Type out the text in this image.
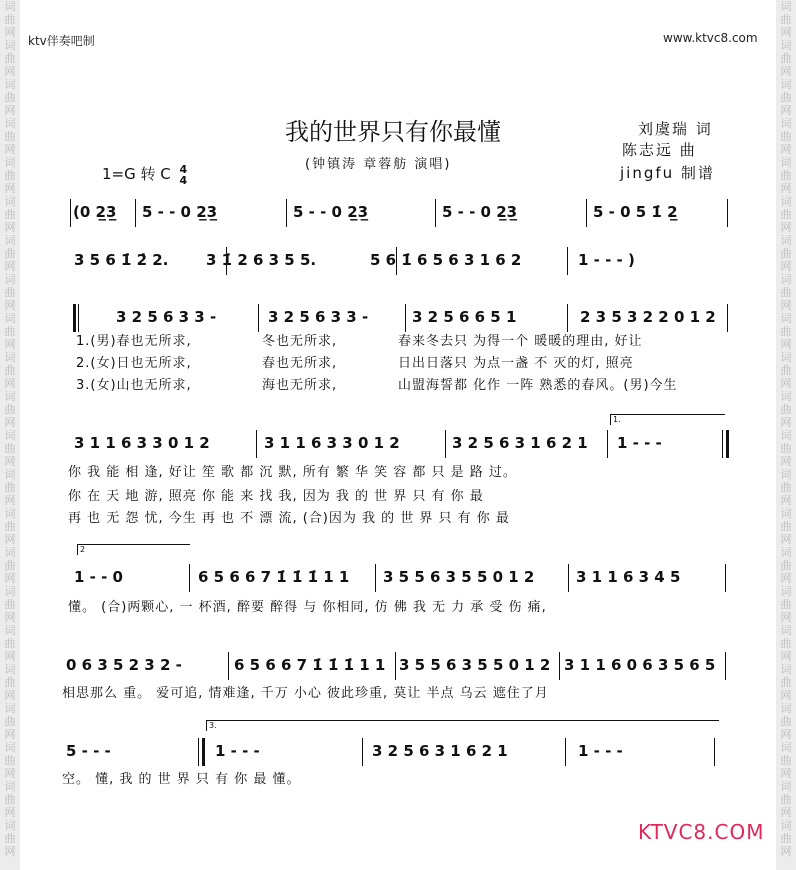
词
曲
网
词
曲
网
词
曲
网
词
曲
网
词
曲
网
词
曲
网
词
曲
网
词
曲
网
词
曲
网
词
曲
网
词
曲
网
词
曲
网
词
曲
网
词
曲
网
词
曲
网
词
曲
网
词
曲
网
词
曲
网
词
曲
网
词
曲
网
词
曲
网
词
曲
网
词
曲
网
词
曲
网
词
曲
网
词
曲
网
词
曲
网
词
曲
网
词
曲
网
词
曲
网
词
曲
网
词
曲
网
词
曲
网
词
曲
网
词
曲
网
词
曲
网
词
曲
网
词
曲
网
词
曲
网
词
曲
网
词
曲
网
词
曲
网
词
曲
网
词
曲
网
ktv伴奏吧制	www.ktvc8.com
我的世界只有你最懂	刘虞瑞 词
陈志远 曲
jingfu 制谱
(钟镇涛 章蓉舫 演唱)
1=G 转 C 4
4
(0 2̲3̲ 5 - - 0 2̲3̲	5 - - 0 2̲3̲	5 - - 0 2̲3̲	5 - 0 5 1̇ 2̲
3 5 6 1̇ 2̇ 2.	3 1̇ 2 6 3 5 5.	5 6 1̇ 6 5 6 3 1 6 2	1 - - - )
3 2 5 6 3 3 -	3 2 5 6 3 3 -	3 2 5 6 6 5 1	2 3 5 3 2 2 0 1 2
1.(男)春也无所求,	冬也无所求,	春来冬去只 为得一个 暖暖的理由, 好让
2.(女)日也无所求,	春也无所求,	日出日落只 为点一盏 不 灭的灯, 照亮
3.(女)山也无所求,	海也无所求,	山盟海誓都 化作 一阵 熟悉的春风。(男)今生
3 1 1 6 3 3 0 1 2	3 1 1 6 3 3 0 1 2	3 2 5 6 3 1 6 2 1 1 - - -
1.
你 我 能 相 逢, 好让 笙 歌 都 沉 默, 所有 繁 华 笑 容 都 只 是 路 过。
你 在 天 地 游, 照亮 你 能 来 找 我, 因为 我 的 世 界 只 有 你 最
再 也 无 怨 忧, 今生 再 也 不 漂 流, (合)因为 我 的 世 界 只 有 你 最
2
1 - - 0	6 5 6 6 7 1̇ 1̇ 1̇ 1 1 3 5 5 6 3 5 5 0 1 2	3 1 1 6 3 4 5
懂。 (合)两颗心, 一 杯酒, 醉要 醉得 与 你相同, 仿 佛 我 无 力 承 受 伤 痛,
0 6 3 5 2 3 2 -	6 5 6 6 7 1̇ 1̇ 1̇ 1 1 3 5 5 6 3 5 5 0 1 2 3 1 1 6 0 6 3 5 6 5
相思那么 重。 爱可追, 情难逢, 千万 小心 彼此珍重, 莫让 半点 乌云 遮住了月
3.
5 - - -	1 - - -	3 2 5 6 3 1 6 2 1	1 - - -
空。 懂, 我 的 世 界 只 有 你 最 懂。
KTVC8.COM
